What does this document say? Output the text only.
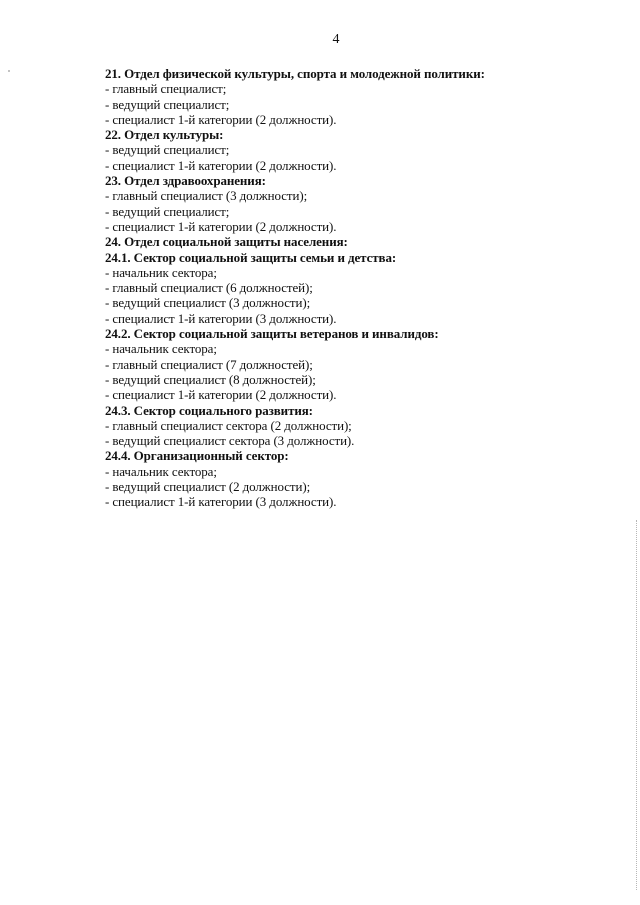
4
21. Отдел физической культуры, спорта и молодежной политики:
- главный специалист;
- ведущий специалист;
- специалист 1-й категории (2 должности).
22. Отдел культуры:
- ведущий специалист;
- специалист 1-й категории (2 должности).
23. Отдел здравоохранения:
- главный специалист (3 должности);
- ведущий специалист;
- специалист 1-й категории (2 должности).
24. Отдел социальной защиты населения:
24.1. Сектор социальной защиты семьи и детства:
- начальник сектора;
- главный специалист (6 должностей);
- ведущий специалист (3 должности);
- специалист 1-й категории (3 должности).
24.2. Сектор социальной защиты ветеранов и инвалидов:
- начальник сектора;
- главный специалист (7 должностей);
- ведущий специалист (8 должностей);
- специалист 1-й категории (2 должности).
24.3. Сектор социального развития:
- главный специалист сектора (2 должности);
- ведущий специалист сектора (3 должности).
24.4. Организационный сектор:
- начальник сектора;
- ведущий специалист (2 должности);
- специалист 1-й категории (3 должности).
